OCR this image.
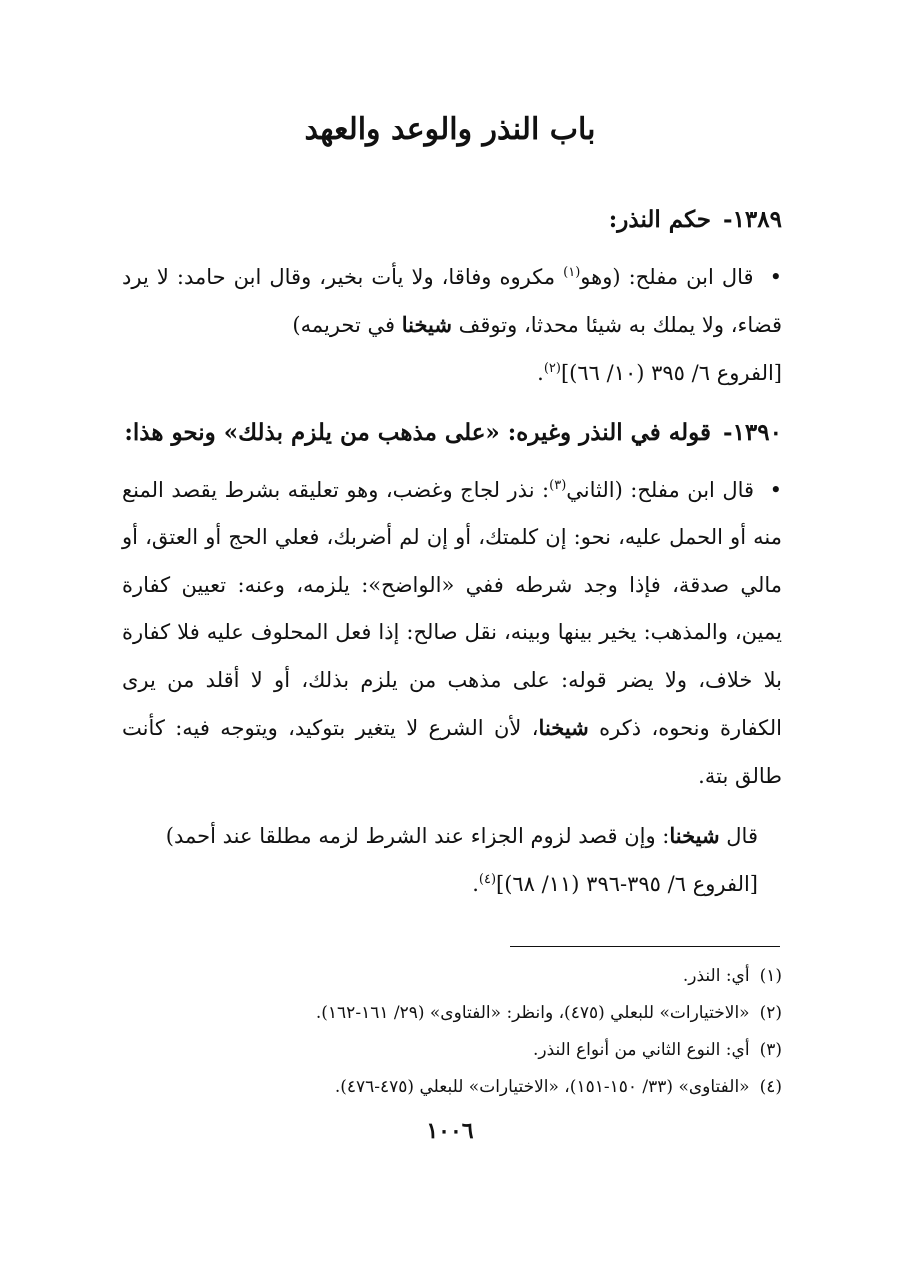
باب النذر والوعد والعهد
١٣٨٩-حكم النذر:

• قال ابن مفلح: (وهو$^{(١)}$ مكروه وفاقا، ولا يأت بخير، وقال ابن حامد: لا يرد قضاء، ولا يملك به شيئا محدثا، وتوقف شيخنا في تحريمه)
[الفروع ٦/ ٣٩٥ (١٠/ ٦٦)]$^{(٢)}$.

١٣٩٠-قوله في النذر وغيره: «على مذهب من يلزم بذلك» ونحو هذا:

• قال ابن مفلح: (الثاني$^{(٣)}$: نذر لجاج وغضب، وهو تعليقه بشرط يقصد المنع منه أو الحمل عليه، نحو: إن كلمتك، أو إن لم أضربك، فعلي الحج أو العتق، أو مالي صدقة، فإذا وجد شرطه ففي «الواضح»: يلزمه، وعنه: تعيين كفارة يمين، والمذهب: يخير بينها وبينه، نقل صالح: إذا فعل المحلوف عليه فلا كفارة بلا خلاف، ولا يضر قوله: على مذهب من يلزم بذلك، أو لا أقلد من يرى الكفارة ونحوه، ذكره شيخنا، لأن الشرع لا يتغير بتوكيد، ويتوجه فيه: كأنت طالق بتة.

قال شيخنا: وإن قصد لزوم الجزاء عند الشرط لزمه مطلقا عند أحمد)
[الفروع ٦/ ٣٩٥-٣٩٦ (١١/ ٦٨)]$^{(٤)}$.

(١)أي: النذر.

(٢)«الاختيارات» للبعلي (٤٧٥)، وانظر: «الفتاوى» (٢٩/ ١٦١-١٦٢).

(٣)أي: النوع الثاني من أنواع النذر.

(٤)«الفتاوى» (٣٣/ ١٥٠-١٥١)، «الاختيارات» للبعلي (٤٧٥-٤٧٦).

١٠٠٦
